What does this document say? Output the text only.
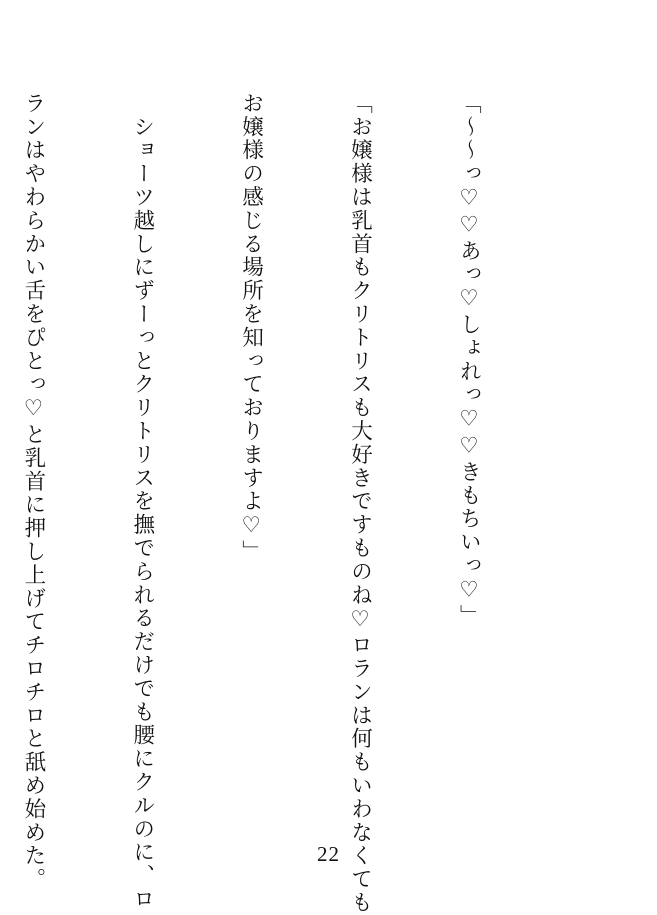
「～～っ♡♡あっ♡しょれっ♡♡きもちいっ♡」

「お嬢様は乳首もクリトリスも大好きですものね♡ロランは何もいわなくても

お嬢様の感じる場所を知っておりますよ♡」

　ショーツ越しにずーっとクリトリスを撫でられるだけでも腰にクルのに、ロ

ランはやわらかい舌をぴとっ♡と乳首に押し上げてチロチロと舐め始めた。

	22
